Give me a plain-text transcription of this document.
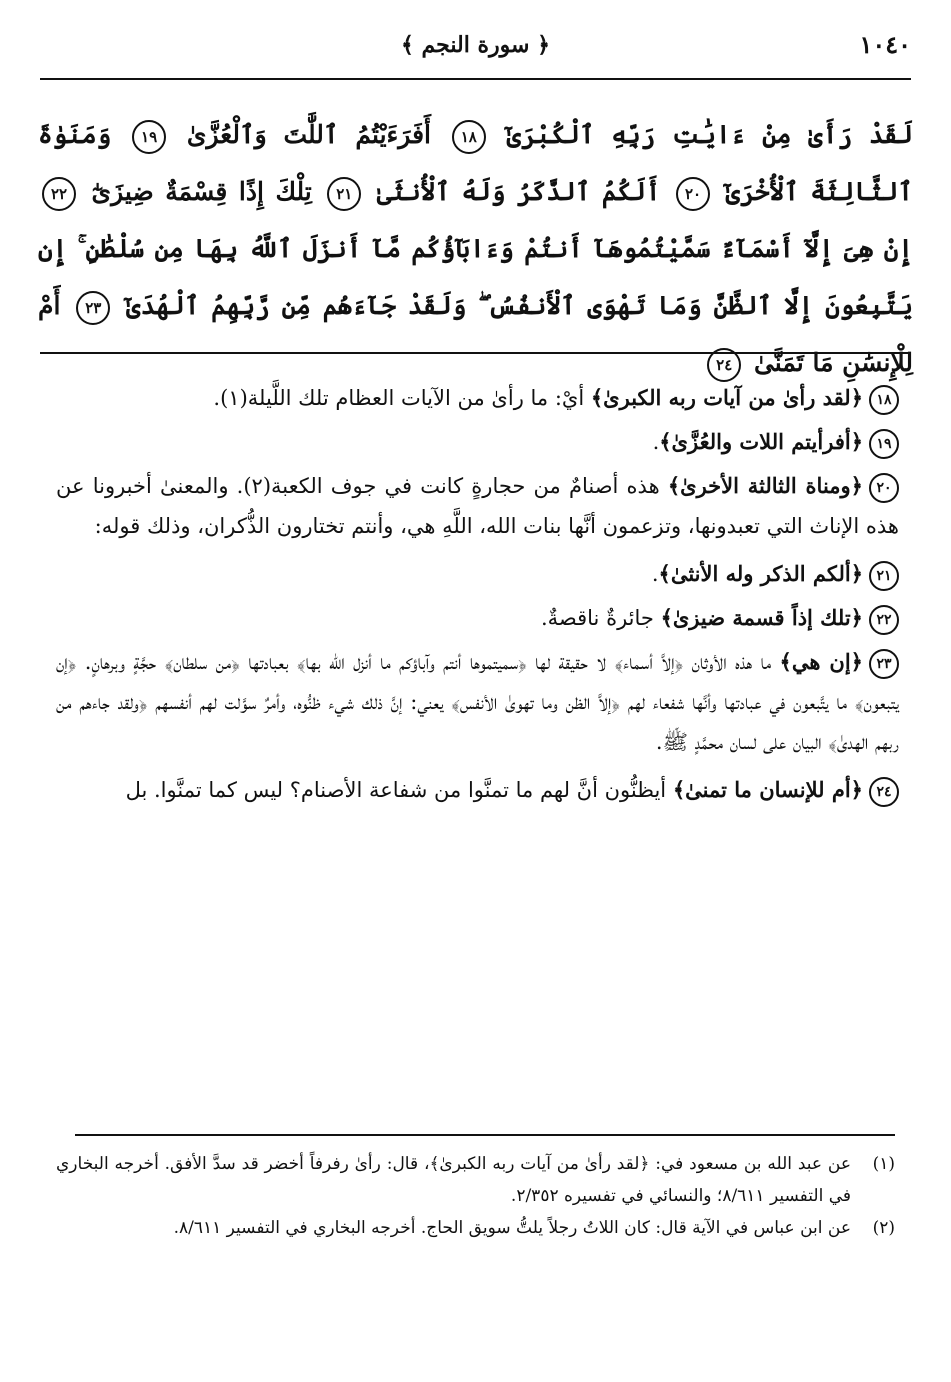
١٠٤٠
﴿ سورة النجم ﴾
لَقَدْ رَأَىٰ مِنْ ءَايَٰتِ رَبِّهِ ٱلْكُبْرَىٰٓ ١٨ أَفَرَءَيْتُمُ ٱللَّٰتَ وَٱلْعُزَّىٰ ١٩ وَمَنَوٰةَ ٱلثَّالِثَةَ ٱلْأُخْرَىٰٓ ٢٠ أَلَكُمُ ٱلذَّكَرُ وَلَهُ ٱلْأُنثَىٰ ٢١ تِلْكَ إِذًا قِسْمَةٌ ضِيزَىٰٓ ٢٢ إِنْ هِىَ إِلَّآ أَسْمَآءٌ سَمَّيْتُمُوهَآ أَنتُمْ وَءَابَآؤُكُم مَّآ أَنزَلَ ٱللَّهُ بِهَا مِن سُلْطَٰنٍ ۚ إِن يَتَّبِعُونَ إِلَّا ٱلظَّنَّ وَمَا تَهْوَى ٱلْأَنفُسُ ۖ وَلَقَدْ جَآءَهُم مِّن رَّبِّهِمُ ٱلْهُدَىٰٓ ٢٣ أَمْ لِلْإِنسَٰنِ مَا تَمَنَّىٰ ٢٤

١٨﴿لقد رأىٰ من آيات ربه الكبرىٰ﴾ أيْ: ما رأىٰ من الآيات العظام تلك اللَّيلة(١).

١٩﴿أفرأيتم اللات والعُزَّىٰ﴾.

٢٠﴿ومناة الثالثة الأخرىٰ﴾ هذه أصنامٌ من حجارةٍ كانت في جوف الكعبة(٢). والمعنىٰ أخبرونا عن هذه الإناث التي تعبدونها، وتزعمون أنَّها بنات الله، اللَّهِ هي، وأنتم تختارون الذُّكران، وذلك قوله:

٢١﴿ألكم الذكر وله الأنثىٰ﴾.

٢٢﴿تلك إذاً قسمة ضيزىٰ﴾ جائرةٌ ناقصةٌ.

٢٣﴿إن هي﴾ ما هذه الأوثان ﴿إلاَّ أسماء﴾ لا حقيقة لها ﴿سميتموها أنتم وآباؤكم ما أنزل الله بها﴾ بعبادتها ﴿من سلطان﴾ حجَّةٍ وبرهانٍ. ﴿إن يتبعون﴾ ما يتَّبعون في عبادتها وأنَّها شفعاء لهم ﴿إلاَّ الظن وما تهوىٰ الأنفس﴾ يعني: إنَّ ذلك شيء ظنُّوه، وأمرٌ سوَّلت لهم أنفسهم ﴿ولقد جاءهم من ربهم الهدىٰ﴾ البيان على لسان محمَّدٍ ﷺ.

٢٤﴿أم للإنسان ما تمنىٰ﴾ أيظنُّون أنَّ لهم ما تمنَّوا من شفاعة الأصنام؟ ليس كما تمنَّوا. بل

(١)
عن عبد الله بن مسعود في: ﴿لقد رأىٰ من آيات ربه الكبرىٰ﴾، قال: رأىٰ رفرفاً أخضر قد سدَّ الأفق. أخرجه البخاري في التفسير ٨/٦١١؛ والنسائي في تفسيره ٢/٣٥٢.
(٢)
عن ابن عباس في الآية قال: كان اللاتُ رجلاً يلتُّ سويق الحاج. أخرجه البخاري في التفسير ٨/٦١١.
